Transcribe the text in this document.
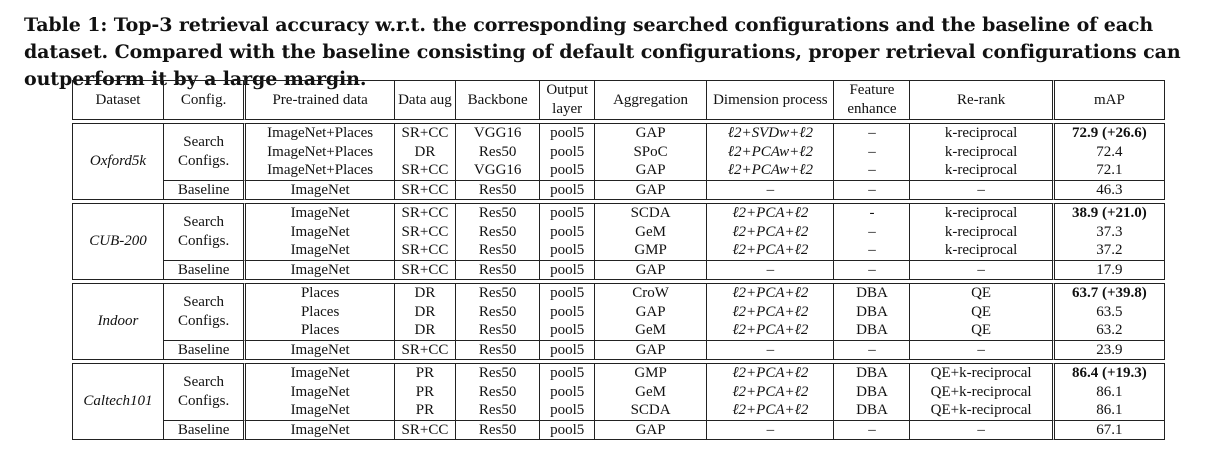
Table 1: Top-3 retrieval accuracy w.r.t. the corresponding searched configurations and the baseline of each dataset. Compared with the baseline consisting of default configurations, proper retrieval configurations can outperform it by a large margin.
Dataset	Config.	Pre-trained data	Data aug	Backbone	Output layer	Aggregation	Dimension process	Feature enhance	Re-rank	mAP

Oxford5k	Search Configs.	ImageNet+Places	SR+CC	VGG16	pool5	GAP	ℓ2+SVDw+ℓ2	–	k-reciprocal	72.9 (+26.6)
		ImageNet+Places	DR	Res50	pool5	SPoC	ℓ2+PCAw+ℓ2	–	k-reciprocal	72.4
		ImageNet+Places	SR+CC	VGG16	pool5	GAP	ℓ2+PCAw+ℓ2	–	k-reciprocal	72.1
	Baseline	ImageNet	SR+CC	Res50	pool5	GAP	–	–	–	46.3

CUB-200	Search Configs.	ImageNet	SR+CC	Res50	pool5	SCDA	ℓ2+PCA+ℓ2	-	k-reciprocal	38.9 (+21.0)
		ImageNet	SR+CC	Res50	pool5	GeM	ℓ2+PCA+ℓ2	–	k-reciprocal	37.3
		ImageNet	SR+CC	Res50	pool5	GMP	ℓ2+PCA+ℓ2	–	k-reciprocal	37.2
	Baseline	ImageNet	SR+CC	Res50	pool5	GAP	–	–	–	17.9

Indoor	Search Configs.	Places	DR	Res50	pool5	CroW	ℓ2+PCA+ℓ2	DBA	QE	63.7 (+39.8)
		Places	DR	Res50	pool5	GAP	ℓ2+PCA+ℓ2	DBA	QE	63.5
		Places	DR	Res50	pool5	GeM	ℓ2+PCA+ℓ2	DBA	QE	63.2
	Baseline	ImageNet	SR+CC	Res50	pool5	GAP	–	–	–	23.9

Caltech101	Search Configs.	ImageNet	PR	Res50	pool5	GMP	ℓ2+PCA+ℓ2	DBA	QE+k-reciprocal	86.4 (+19.3)
		ImageNet	PR	Res50	pool5	GeM	ℓ2+PCA+ℓ2	DBA	QE+k-reciprocal	86.1
		ImageNet	PR	Res50	pool5	SCDA	ℓ2+PCA+ℓ2	DBA	QE+k-reciprocal	86.1
	Baseline	ImageNet	SR+CC	Res50	pool5	GAP	–	–	–	67.1
